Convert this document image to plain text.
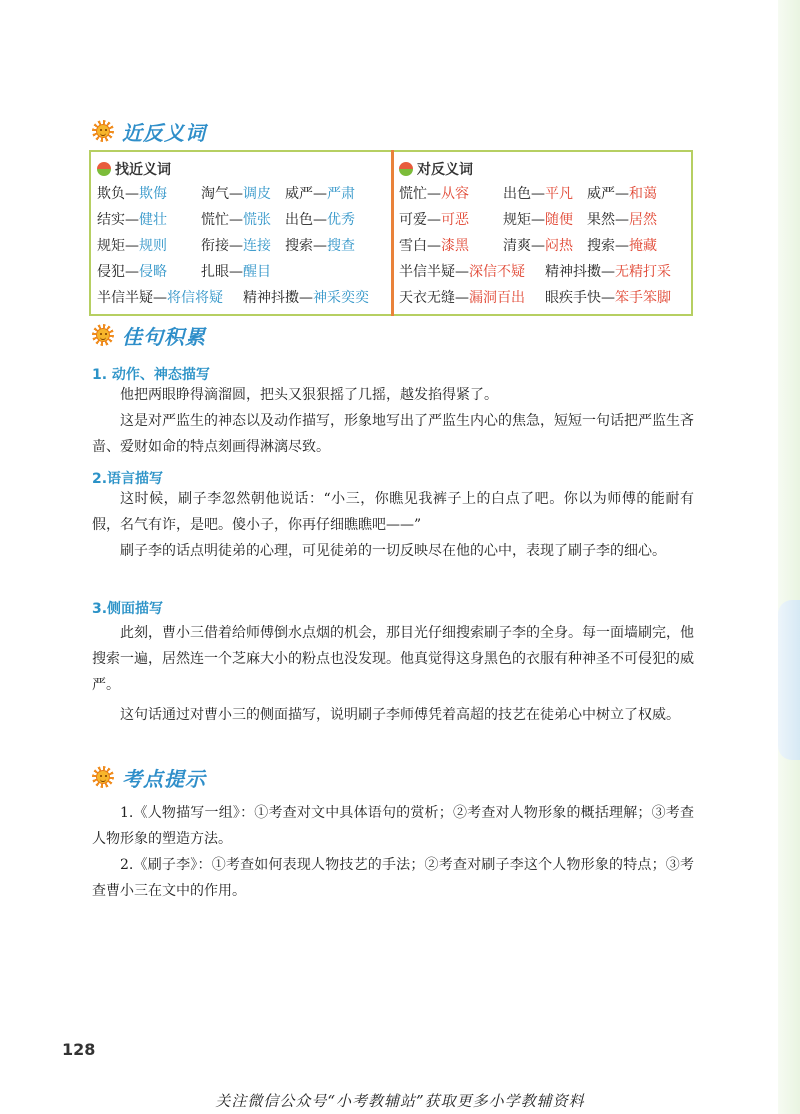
近反义词
找近义词
欺负—欺侮	淘气—调皮	威严—严肃
结实—健壮	慌忙—慌张	出色—优秀
规矩—规则	衔接—连接	搜索—搜查
侵犯—侵略	扎眼—醒目
半信半疑—将信将疑	精神抖擞—神采奕奕
对反义词
慌忙—从容	出色—平凡	威严—和蔼
可爱—可恶	规矩—随便	果然—居然
雪白—漆黑	清爽—闷热	搜索—掩藏
半信半疑—深信不疑	精神抖擞—无精打采
天衣无缝—漏洞百出	眼疾手快—笨手笨脚
佳句积累
1. 动作、神态描写
他把两眼睁得滴溜圆，把头又狠狠摇了几摇，越发掐得紧了。
这是对严监生的神态以及动作描写，形象地写出了严监生内心的焦急，短短一句话把严监生吝啬、爱财如命的特点刻画得淋漓尽致。
2.语言描写
这时候，刷子李忽然朝他说话：“小三，你瞧见我裤子上的白点了吧。你以为师傅的能耐有假，名气有诈，是吧。傻小子，你再仔细瞧瞧吧——”
刷子李的话点明徒弟的心理，可见徒弟的一切反映尽在他的心中，表现了刷子李的细心。
3.侧面描写
此刻，曹小三借着给师傅倒水点烟的机会，那目光仔细搜索刷子李的全身。每一面墙刷完，他搜索一遍，居然连一个芝麻大小的粉点也没发现。他真觉得这身黑色的衣服有种神圣不可侵犯的威严。
这句话通过对曹小三的侧面描写，说明刷子李师傅凭着高超的技艺在徒弟心中树立了权威。
考点提示
1.《人物描写一组》：①考查对文中具体语句的赏析；②考查对人物形象的概括理解；③考查人物形象的塑造方法。
2.《刷子李》：①考查如何表现人物技艺的手法；②考查对刷子李这个人物形象的特点；③考查曹小三在文中的作用。
128
关注微信公众号“小考教辅站”获取更多小学教辅资料
